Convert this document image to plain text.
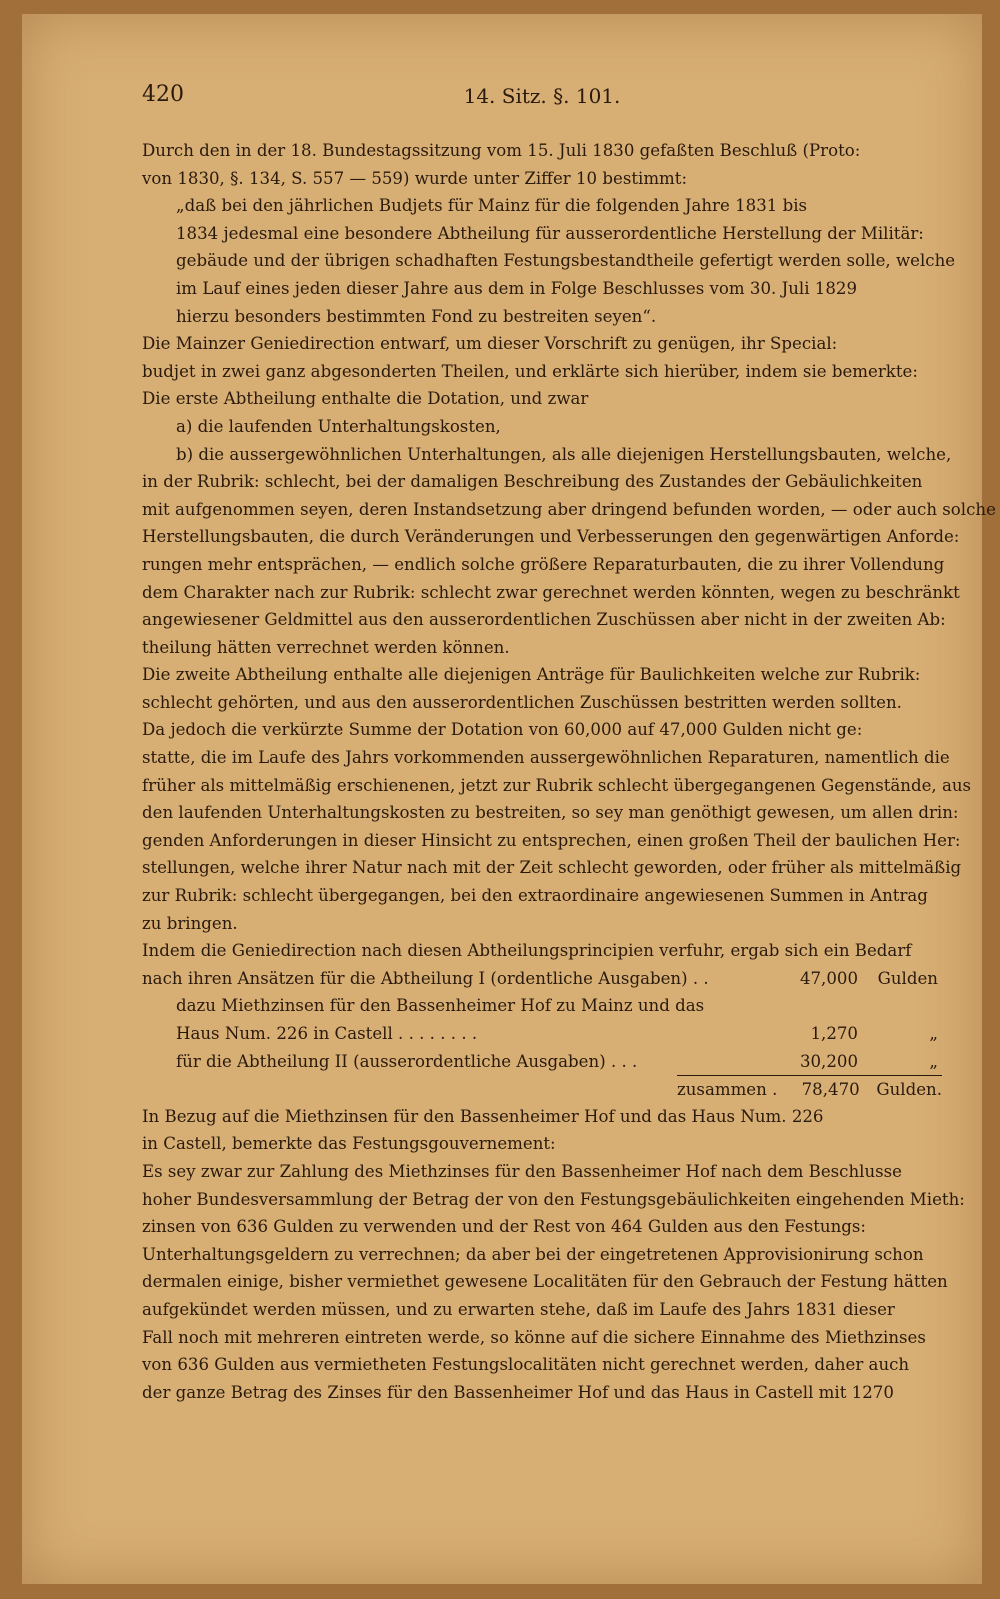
420	14. Sitz. §. 101.
Durch den in der 18. Bundestagssitzung vom 15. Juli 1830 gefaßten Beschluß (Proto:
von 1830, §. 134, S. 557 — 559) wurde unter Ziffer 10 bestimmt:
„daß bei den jährlichen Budjets für Mainz für die folgenden Jahre 1831 bis
1834 jedesmal eine besondere Abtheilung für ausserordentliche Herstellung der Militär:
gebäude und der übrigen schadhaften Festungsbestandtheile gefertigt werden solle, welche
im Lauf eines jeden dieser Jahre aus dem in Folge Beschlusses vom 30. Juli 1829
hierzu besonders bestimmten Fond zu bestreiten seyen“.
Die Mainzer Geniedirection entwarf, um dieser Vorschrift zu genügen, ihr Special:
budjet in zwei ganz abgesonderten Theilen, und erklärte sich hierüber, indem sie bemerkte:
Die erste Abtheilung enthalte die Dotation, und zwar
a) die laufenden Unterhaltungskosten,
b) die aussergewöhnlichen Unterhaltungen, als alle diejenigen Herstellungsbauten, welche,
in der Rubrik: schlecht, bei der damaligen Beschreibung des Zustandes der Gebäulichkeiten
mit aufgenommen seyen, deren Instandsetzung aber dringend befunden worden, — oder auch solche
Herstellungsbauten, die durch Veränderungen und Verbesserungen den gegenwärtigen Anforde:
rungen mehr entsprächen, — endlich solche größere Reparaturbauten, die zu ihrer Vollendung
dem Charakter nach zur Rubrik: schlecht zwar gerechnet werden könnten, wegen zu beschränkt
angewiesener Geldmittel aus den ausserordentlichen Zuschüssen aber nicht in der zweiten Ab:
theilung hätten verrechnet werden können.
Die zweite Abtheilung enthalte alle diejenigen Anträge für Baulichkeiten welche zur Rubrik:
schlecht gehörten, und aus den ausserordentlichen Zuschüssen bestritten werden sollten.
Da jedoch die verkürzte Summe der Dotation von 60,000 auf 47,000 Gulden nicht ge:
statte, die im Laufe des Jahrs vorkommenden aussergewöhnlichen Reparaturen, namentlich die
früher als mittelmäßig erschienenen, jetzt zur Rubrik schlecht übergegangenen Gegenstände, aus
den laufenden Unterhaltungskosten zu bestreiten, so sey man genöthigt gewesen, um allen drin:
genden Anforderungen in dieser Hinsicht zu entsprechen, einen großen Theil der baulichen Her:
stellungen, welche ihrer Natur nach mit der Zeit schlecht geworden, oder früher als mittelmäßig
zur Rubrik: schlecht übergegangen, bei den extraordinaire angewiesenen Summen in Antrag
zu bringen.
Indem die Geniedirection nach diesen Abtheilungsprincipien verfuhr, ergab sich ein Bedarf
nach ihren Ansätzen für die Abtheilung I (ordentliche Ausgaben) . .	47,000	Gulden
dazu Miethzinsen für den Bassenheimer Hof zu Mainz und das
Haus Num. 226 in Castell . . . . . . . .	1,270	„
für die Abtheilung II (ausserordentliche Ausgaben) . . .	30,200	„
zusammen .	78,470	Gulden.
In Bezug auf die Miethzinsen für den Bassenheimer Hof und das Haus Num. 226
in Castell, bemerkte das Festungsgouvernement:
Es sey zwar zur Zahlung des Miethzinses für den Bassenheimer Hof nach dem Beschlusse
hoher Bundesversammlung der Betrag der von den Festungsgebäulichkeiten eingehenden Mieth:
zinsen von 636 Gulden zu verwenden und der Rest von 464 Gulden aus den Festungs:
Unterhaltungsgeldern zu verrechnen; da aber bei der eingetretenen Approvisionirung schon
dermalen einige, bisher vermiethet gewesene Localitäten für den Gebrauch der Festung hätten
aufgekündet werden müssen, und zu erwarten stehe, daß im Laufe des Jahrs 1831 dieser
Fall noch mit mehreren eintreten werde, so könne auf die sichere Einnahme des Miethzinses
von 636 Gulden aus vermietheten Festungslocalitäten nicht gerechnet werden, daher auch
der ganze Betrag des Zinses für den Bassenheimer Hof und das Haus in Castell mit 1270
